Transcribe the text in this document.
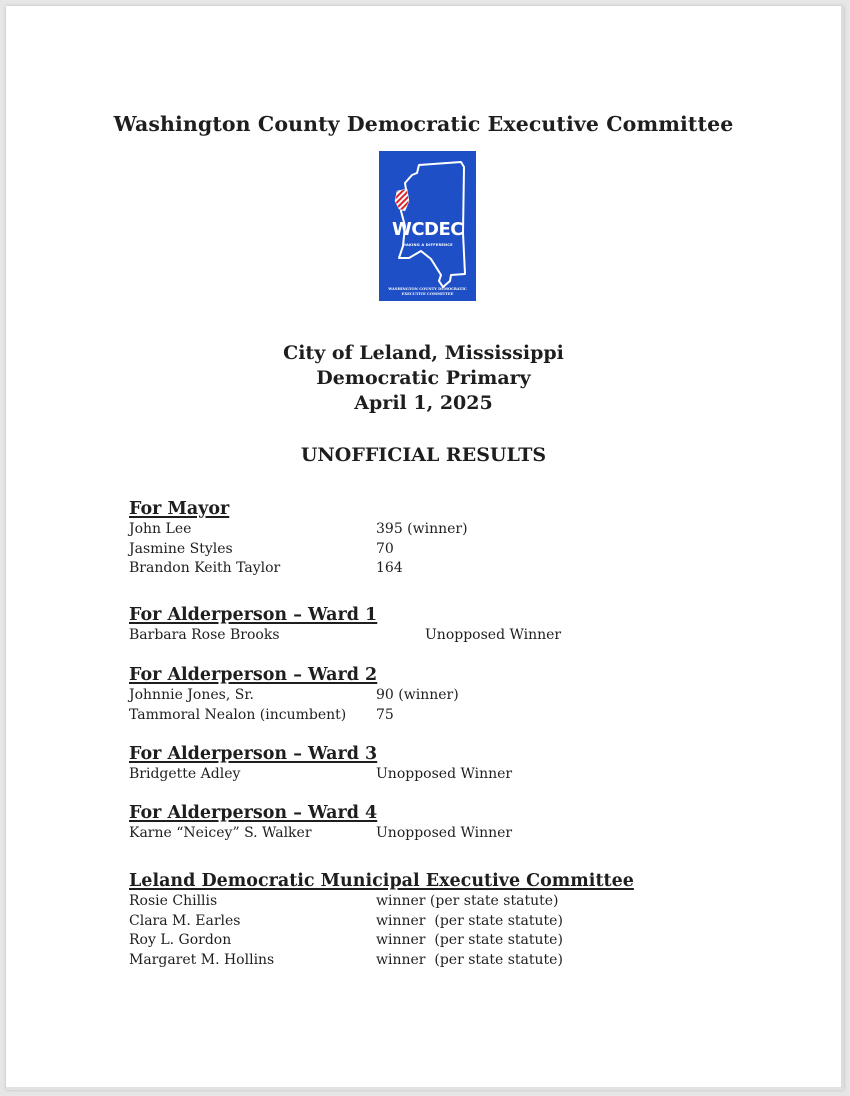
Washington County Democratic Executive Committee
WCDEC
MAKING A DIFFERENCE
WASHINGTON COUNTY DEMOCRATIC
EXECUTIVE COMMITTEE
City of Leland, Mississippi
Democratic Primary
April 1, 2025
UNOFFICIAL RESULTS
For Mayor
John Lee	395 (winner)
Jasmine Styles	70
Brandon Keith Taylor	164
For Alderperson – Ward 1
Barbara Rose Brooks	Unopposed Winner
For Alderperson – Ward 2
Johnnie Jones, Sr.	90 (winner)
Tammoral Nealon (incumbent) 75
For Alderperson – Ward 3
Bridgette Adley	Unopposed Winner
For Alderperson – Ward 4
Karne “Neicey” S. Walker	Unopposed Winner
Leland Democratic Municipal Executive Committee
Rosie Chillis	winner (per state statute)
Clara M. Earles	winner  (per state statute)
Roy L. Gordon	winner  (per state statute)
Margaret M. Hollins	winner  (per state statute)
